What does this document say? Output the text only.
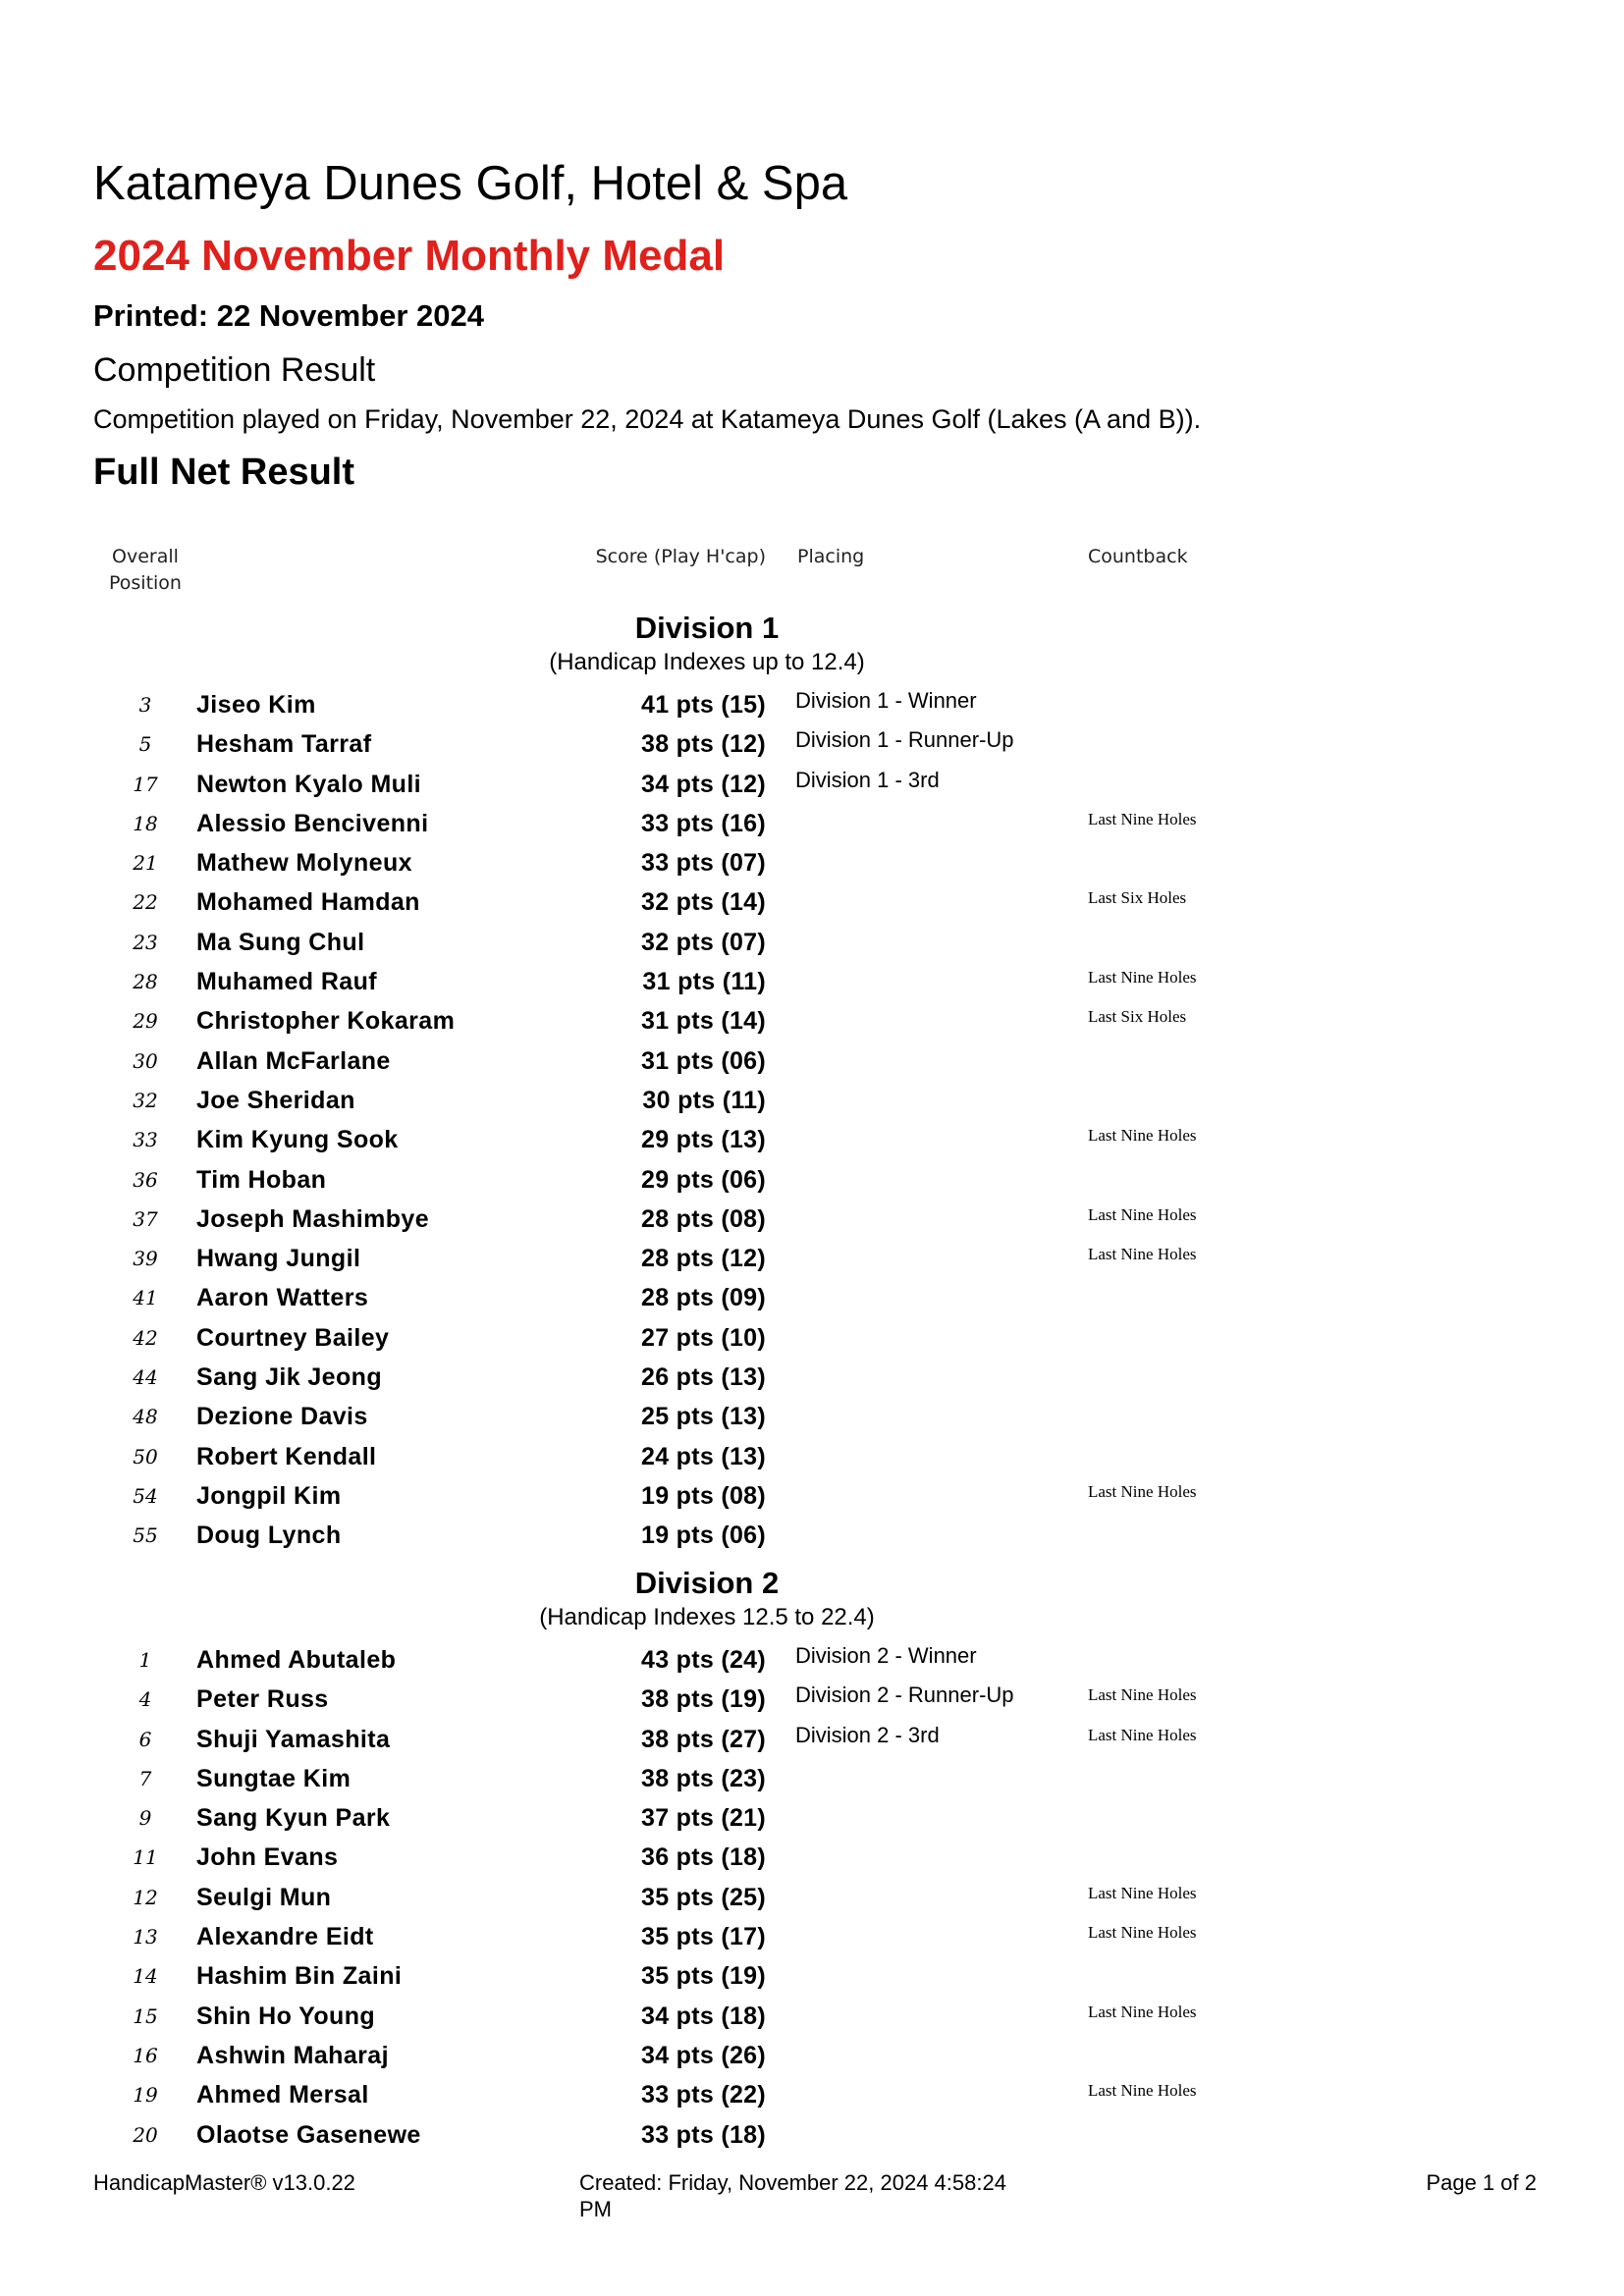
Katameya Dunes Golf, Hotel & Spa
2024 November Monthly Medal
Printed: 22 November 2024
Competition Result
Competition played on Friday, November 22, 2024 at Katameya Dunes Golf (Lakes (A and B)).
Full Net Result
Overall
Position
Score (Play H'cap) Placing	Countback
Division 1
(Handicap Indexes up to 12.4)
3	Jiseo Kim	41 pts (15) Division 1 - Winner
5	Hesham Tarraf	38 pts (12) Division 1 - Runner-Up
17	Newton Kyalo Muli	34 pts (12) Division 1 - 3rd
18	Alessio Bencivenni	33 pts (16)	Last Nine Holes
21	Mathew Molyneux	33 pts (07)
22	Mohamed Hamdan	32 pts (14)	Last Six Holes
23	Ma Sung Chul	32 pts (07)
28	Muhamed Rauf	31 pts (11)	Last Nine Holes
29	Christopher Kokaram	31 pts (14)	Last Six Holes
30	Allan McFarlane	31 pts (06)
32	Joe Sheridan	30 pts (11)
33	Kim Kyung Sook	29 pts (13)	Last Nine Holes
36	Tim Hoban	29 pts (06)
37	Joseph Mashimbye	28 pts (08)	Last Nine Holes
39	Hwang Jungil	28 pts (12)	Last Nine Holes
41	Aaron Watters	28 pts (09)
42	Courtney Bailey	27 pts (10)
44	Sang Jik Jeong	26 pts (13)
48	Dezione Davis	25 pts (13)
50	Robert Kendall	24 pts (13)
54	Jongpil Kim	19 pts (08)	Last Nine Holes
55	Doug Lynch	19 pts (06)
Division 2
(Handicap Indexes 12.5 to 22.4)
1	Ahmed Abutaleb	43 pts (24) Division 2 - Winner
4	Peter Russ	38 pts (19) Division 2 - Runner-Up	Last Nine Holes
6	Shuji Yamashita	38 pts (27) Division 2 - 3rd	Last Nine Holes
7	Sungtae Kim	38 pts (23)
9	Sang Kyun Park	37 pts (21)
11	John Evans	36 pts (18)
12	Seulgi Mun	35 pts (25)	Last Nine Holes
13	Alexandre Eidt	35 pts (17)	Last Nine Holes
14	Hashim Bin Zaini	35 pts (19)
15	Shin Ho Young	34 pts (18)	Last Nine Holes
16	Ashwin Maharaj	34 pts (26)
19	Ahmed Mersal	33 pts (22)	Last Nine Holes
20	Olaotse Gasenewe	33 pts (18)
HandicapMaster® v13.0.22	Created: Friday, November 22, 2024 4:58:24 PM
Page 1 of 2
